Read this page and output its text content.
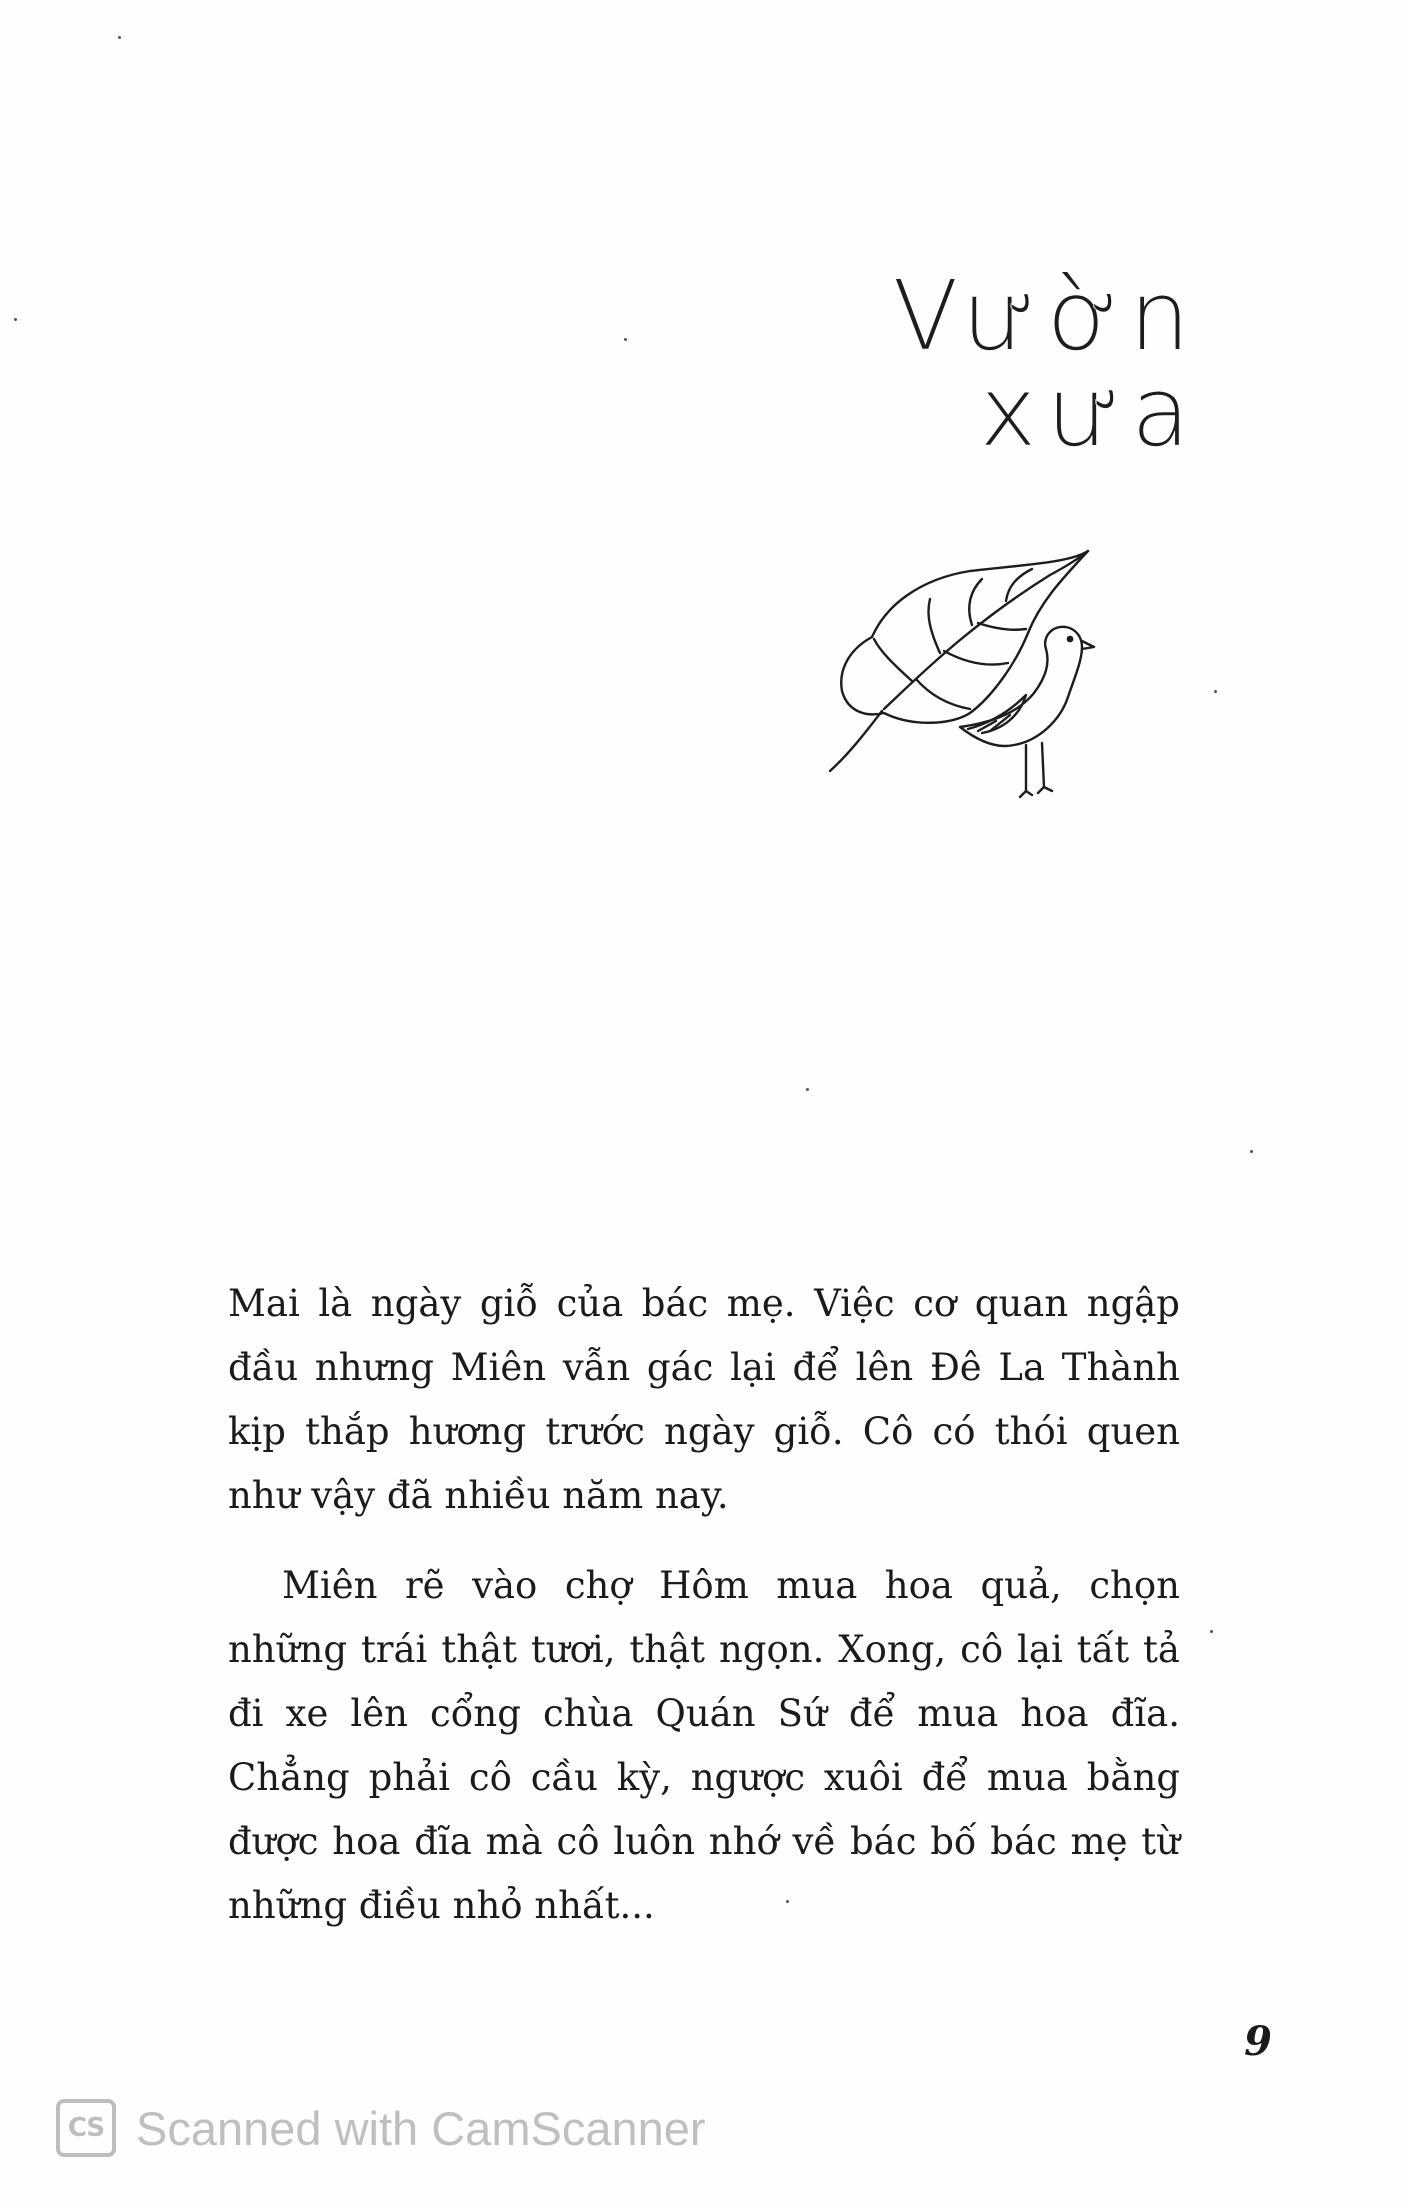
Vườn xưa

Mai là ngày giỗ của bác mẹ. Việc cơ quan ngập đầu nhưng Miên vẫn gác lại để lên Đê La Thành kịp thắp hương trước ngày giỗ. Cô có thói quen như vậy đã nhiều năm nay.

Miên rẽ vào chợ Hôm mua hoa quả, chọn những trái thật tươi, thật ngọn. Xong, cô lại tất tả đi xe lên cổng chùa Quán Sứ để mua hoa đĩa. Chẳng phải cô cầu kỳ, ngược xuôi để mua bằng được hoa đĩa mà cô luôn nhớ về bác bố bác mẹ từ những điều nhỏ nhất...

9
CS Scanned with CamScanner
